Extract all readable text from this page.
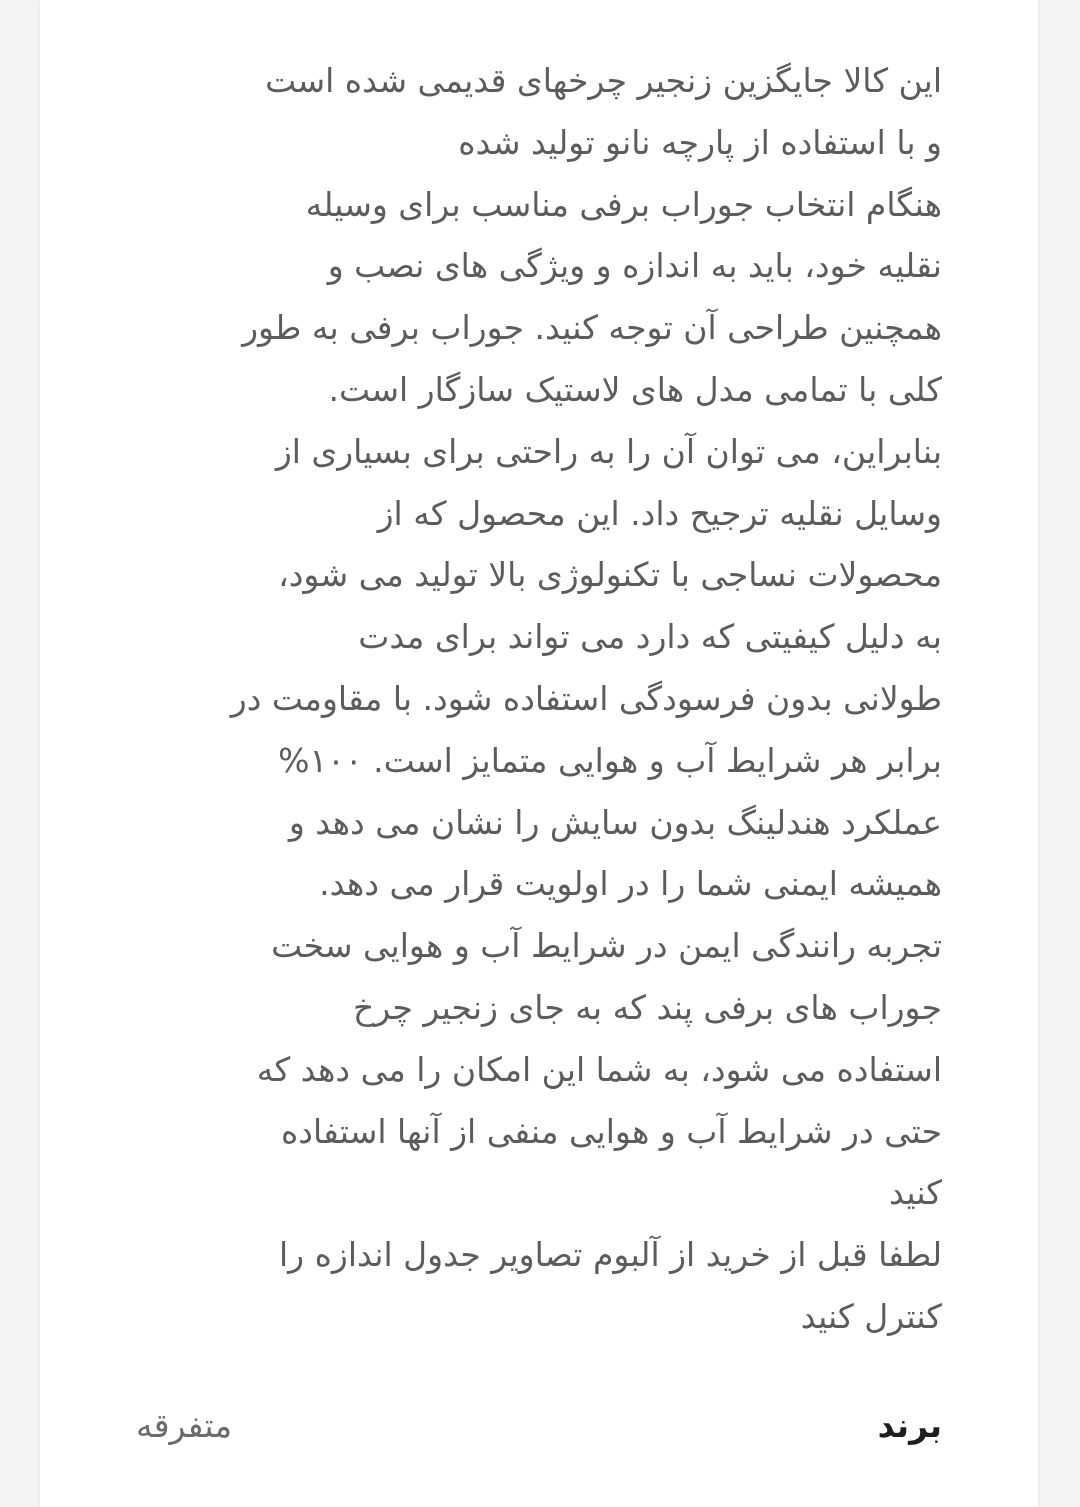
این کالا جایگزین زنجیر چرخهای قدیمی شده است
و با استفاده از پارچه نانو تولید شده
هنگام انتخاب جوراب برفی مناسب برای وسیله
نقلیه خود، باید به اندازه و ویژگی های نصب و
همچنین طراحی آن توجه کنید. جوراب برفی به طور
کلی با تمامی مدل های لاستیک سازگار است.
بنابراین، می توان آن را به راحتی برای بسیاری از
وسایل نقلیه ترجیح داد. این محصول که از
محصولات نساجی با تکنولوژی بالا تولید می شود،
به دلیل کیفیتی که دارد می تواند برای مدت
طولانی بدون فرسودگی استفاده شود. با مقاومت در
برابر هر شرایط آب و هوایی متمایز است. ۱۰۰%
عملکرد هندلینگ بدون سایش را نشان می دهد و
همیشه ایمنی شما را در اولویت قرار می دهد.
تجربه رانندگی ایمن در شرایط آب و هوایی سخت
جوراب های برفی پند که به جای زنجیر چرخ
استفاده می شود، به شما این امکان را می دهد که
حتی در شرایط آب و هوایی منفی از آنها استفاده
کنید
لطفا قبل از خرید از آلبوم تصاویر جدول اندازه را
کنترل کنید
برند
متفرقه
